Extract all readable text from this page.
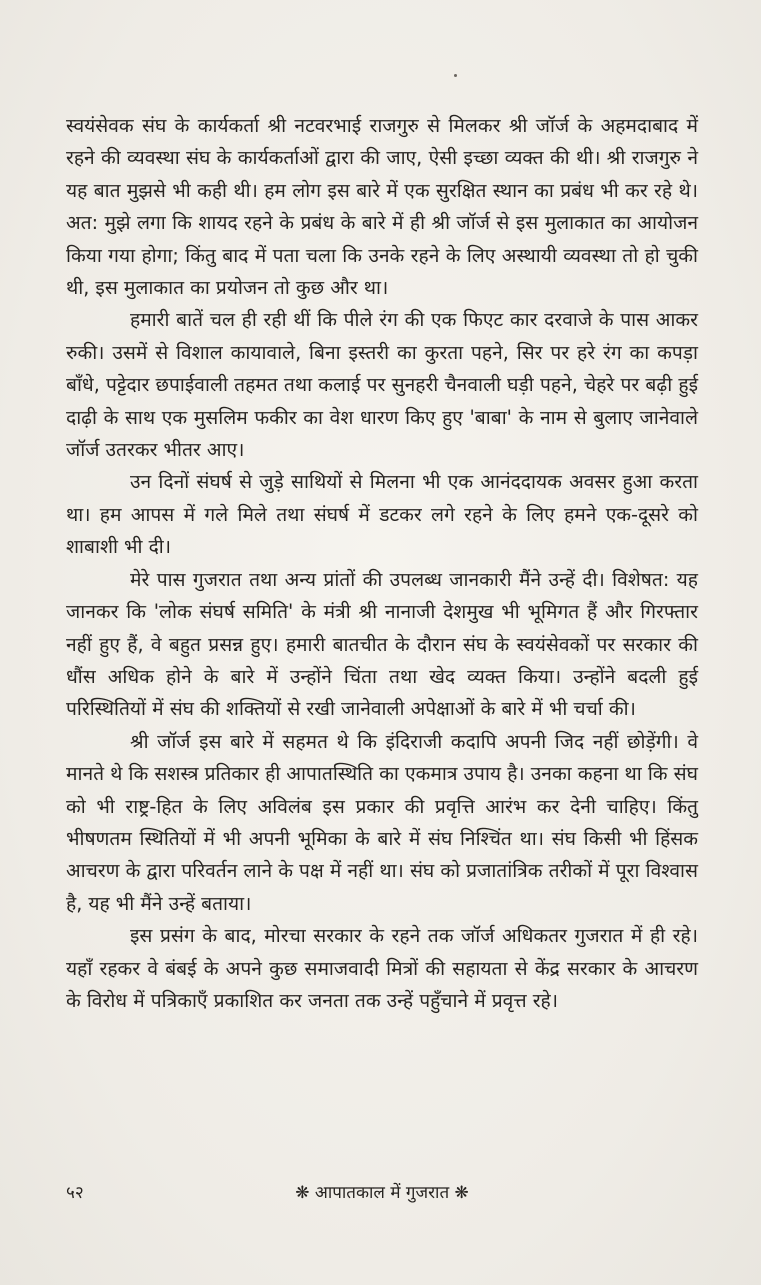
स्वयंसेवक संघ के कार्यकर्ता श्री नटवरभाई राजगुरु से मिलकर श्री जॉर्ज के अहमदाबाद में रहने की व्यवस्था संघ के कार्यकर्ताओं द्वारा की जाए, ऐसी इच्छा व्यक्त की थी। श्री राजगुरु ने यह बात मुझसे भी कही थी। हम लोग इस बारे में एक सुरक्षित स्थान का प्रबंध भी कर रहे थे। अत: मुझे लगा कि शायद रहने के प्रबंध के बारे में ही श्री जॉर्ज से इस मुलाकात का आयोजन किया गया होगा; किंतु बाद में पता चला कि उनके रहने के लिए अस्थायी व्यवस्था तो हो चुकी थी, इस मुलाकात का प्रयोजन तो कुछ और था।

हमारी बातें चल ही रही थीं कि पीले रंग की एक फिएट कार दरवाजे के पास आकर रुकी। उसमें से विशाल कायावाले, बिना इस्तरी का कुरता पहने, सिर पर हरे रंग का कपड़ा बाँधे, पट्टेदार छपाईवाली तहमत तथा कलाई पर सुनहरी चैनवाली घड़ी पहने, चेहरे पर बढ़ी हुई दाढ़ी के साथ एक मुसलिम फकीर का वेश धारण किए हुए 'बाबा' के नाम से बुलाए जानेवाले जॉर्ज उतरकर भीतर आए।

उन दिनों संघर्ष से जुड़े साथियों से मिलना भी एक आनंददायक अवसर हुआ करता था। हम आपस में गले मिले तथा संघर्ष में डटकर लगे रहने के लिए हमने एक-दूसरे को शाबाशी भी दी।

मेरे पास गुजरात तथा अन्य प्रांतों की उपलब्ध जानकारी मैंने उन्हें दी। विशेषत: यह जानकर कि 'लोक संघर्ष समिति' के मंत्री श्री नानाजी देशमुख भी भूमिगत हैं और गिरफ्तार नहीं हुए हैं, वे बहुत प्रसन्न हुए। हमारी बातचीत के दौरान संघ के स्वयंसेवकों पर सरकार की धौंस अधिक होने के बारे में उन्होंने चिंता तथा खेद व्यक्त किया। उन्होंने बदली हुई परिस्थितियों में संघ की शक्तियों से रखी जानेवाली अपेक्षाओं के बारे में भी चर्चा की।

श्री जॉर्ज इस बारे में सहमत थे कि इंदिराजी कदापि अपनी जिद नहीं छोड़ेंगी। वे मानते थे कि सशस्त्र प्रतिकार ही आपातस्थिति का एकमात्र उपाय है। उनका कहना था कि संघ को भी राष्ट्र-हित के लिए अविलंब इस प्रकार की प्रवृत्ति आरंभ कर देनी चाहिए। किंतु भीषणतम स्थितियों में भी अपनी भूमिका के बारे में संघ निश्चिंत था। संघ किसी भी हिंसक आचरण के द्वारा परिवर्तन लाने के पक्ष में नहीं था। संघ को प्रजातांत्रिक तरीकों में पूरा विश्वास है, यह भी मैंने उन्हें बताया।

इस प्रसंग के बाद, मोरचा सरकार के रहने तक जॉर्ज अधिकतर गुजरात में ही रहे। यहाँ रहकर वे बंबई के अपने कुछ समाजवादी मित्रों की सहायता से केंद्र सरकार के आचरण के विरोध में पत्रिकाएँ प्रकाशित कर जनता तक उन्हें पहुँचाने में प्रवृत्त रहे।

५२	❋ आपातकाल में गुजरात ❋
